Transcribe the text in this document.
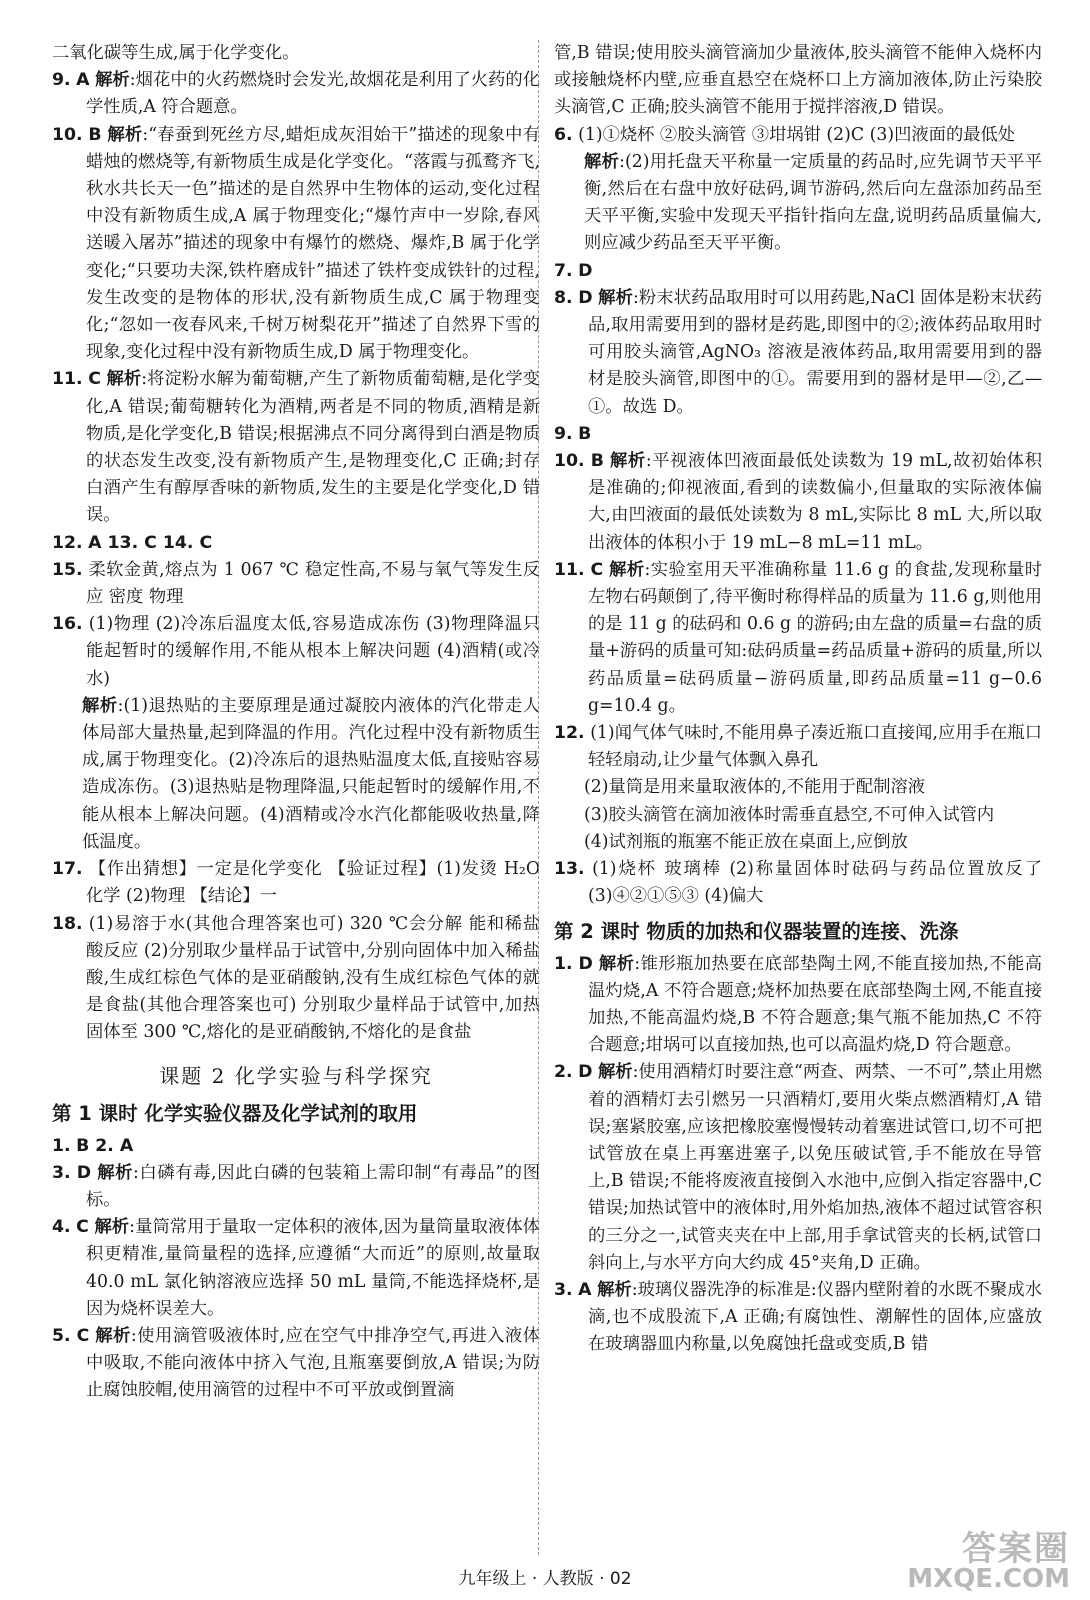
二氧化碳等生成,属于化学变化。

9. A 解析:烟花中的火药燃烧时会发光,故烟花是利用了火药的化学性质,A 符合题意。

10. B 解析:“春蚕到死丝方尽,蜡炬成灰泪始干”描述的现象中有蜡烛的燃烧等,有新物质生成是化学变化。“落霞与孤鹜齐飞,秋水共长天一色”描述的是自然界中生物体的运动,变化过程中没有新物质生成,A 属于物理变化;“爆竹声中一岁除,春风送暖入屠苏”描述的现象中有爆竹的燃烧、爆炸,B 属于化学变化;“只要功夫深,铁杵磨成针”描述了铁杵变成铁针的过程,发生改变的是物体的形状,没有新物质生成,C 属于物理变化;“忽如一夜春风来,千树万树梨花开”描述了自然界下雪的现象,变化过程中没有新物质生成,D 属于物理变化。

11. C 解析:将淀粉水解为葡萄糖,产生了新物质葡萄糖,是化学变化,A 错误;葡萄糖转化为酒精,两者是不同的物质,酒精是新物质,是化学变化,B 错误;根据沸点不同分离得到白酒是物质的状态发生改变,没有新物质产生,是物理变化,C 正确;封存白酒产生有醇厚香味的新物质,发生的主要是化学变化,D 错误。

12. A 13. C 14. C

15. 柔软金黄,熔点为 1 067 ℃ 稳定性高,不易与氧气等发生反应 密度 物理

16. (1)物理 (2)冷冻后温度太低,容易造成冻伤 (3)物理降温只能起暂时的缓解作用,不能从根本上解决问题 (4)酒精(或冷水)

解析:(1)退热贴的主要原理是通过凝胶内液体的汽化带走人体局部大量热量,起到降温的作用。汽化过程中没有新物质生成,属于物理变化。(2)冷冻后的退热贴温度太低,直接贴容易造成冻伤。(3)退热贴是物理降温,只能起暂时的缓解作用,不能从根本上解决问题。(4)酒精或冷水汽化都能吸收热量,降低温度。

17. 【作出猜想】一定是化学变化 【验证过程】(1)发烫 H₂O 化学 (2)物理 【结论】一

18. (1)易溶于水(其他合理答案也可) 320 ℃会分解 能和稀盐酸反应 (2)分别取少量样品于试管中,分别向固体中加入稀盐酸,生成红棕色气体的是亚硝酸钠,没有生成红棕色气体的就是食盐(其他合理答案也可) 分别取少量样品于试管中,加热固体至 300 ℃,熔化的是亚硝酸钠,不熔化的是食盐

课题 2 化学实验与科学探究
第 1 课时 化学实验仪器及化学试剂的取用

1. B 2. A

3. D 解析:白磷有毒,因此白磷的包装箱上需印制“有毒品”的图标。

4. C 解析:量筒常用于量取一定体积的液体,因为量筒量取液体体积更精准,量筒量程的选择,应遵循“大而近”的原则,故量取 40.0 mL 氯化钠溶液应选择 50 mL 量筒,不能选择烧杯,是因为烧杯误差大。

5. C 解析:使用滴管吸液体时,应在空气中排净空气,再进入液体中吸取,不能向液体中挤入气泡,且瓶塞要倒放,A 错误;为防止腐蚀胶帽,使用滴管的过程中不可平放或倒置滴

管,B 错误;使用胶头滴管滴加少量液体,胶头滴管不能伸入烧杯内或接触烧杯内壁,应垂直悬空在烧杯口上方滴加液体,防止污染胶头滴管,C 正确;胶头滴管不能用于搅拌溶液,D 错误。

6. (1)①烧杯 ②胶头滴管 ③坩埚钳 (2)C (3)凹液面的最低处

解析:(2)用托盘天平称量一定质量的药品时,应先调节天平平衡,然后在右盘中放好砝码,调节游码,然后向左盘添加药品至天平平衡,实验中发现天平指针指向左盘,说明药品质量偏大,则应减少药品至天平平衡。

7. D

8. D 解析:粉末状药品取用时可以用药匙,NaCl 固体是粉末状药品,取用需要用到的器材是药匙,即图中的②;液体药品取用时可用胶头滴管,AgNO₃ 溶液是液体药品,取用需要用到的器材是胶头滴管,即图中的①。需要用到的器材是甲—②,乙—①。故选 D。

9. B

10. B 解析:平视液体凹液面最低处读数为 19 mL,故初始体积是准确的;仰视液面,看到的读数偏小,但量取的实际液体偏大,由凹液面的最低处读数为 8 mL,实际比 8 mL 大,所以取出液体的体积小于 19 mL−8 mL=11 mL。

11. C 解析:实验室用天平准确称量 11.6 g 的食盐,发现称量时左物右码颠倒了,待平衡时称得样品的质量为 11.6 g,则他用的是 11 g 的砝码和 0.6 g 的游码;由左盘的质量=右盘的质量+游码的质量可知:砝码质量=药品质量+游码的质量,所以药品质量=砝码质量−游码质量,即药品质量=11 g−0.6 g=10.4 g。

12. (1)闻气体气味时,不能用鼻子凑近瓶口直接闻,应用手在瓶口轻轻扇动,让少量气体飘入鼻孔

(2)量筒是用来量取液体的,不能用于配制溶液

(3)胶头滴管在滴加液体时需垂直悬空,不可伸入试管内

(4)试剂瓶的瓶塞不能正放在桌面上,应倒放

13. (1)烧杯 玻璃棒 (2)称量固体时砝码与药品位置放反了 (3)④②①⑤③ (4)偏大

第 2 课时 物质的加热和仪器装置的连接、洗涤

1. D 解析:锥形瓶加热要在底部垫陶土网,不能直接加热,不能高温灼烧,A 不符合题意;烧杯加热要在底部垫陶土网,不能直接加热,不能高温灼烧,B 不符合题意;集气瓶不能加热,C 不符合题意;坩埚可以直接加热,也可以高温灼烧,D 符合题意。

2. D 解析:使用酒精灯时要注意“两查、两禁、一不可”,禁止用燃着的酒精灯去引燃另一只酒精灯,要用火柴点燃酒精灯,A 错误;塞紧胶塞,应该把橡胶塞慢慢转动着塞进试管口,切不可把试管放在桌上再塞进塞子,以免压破试管,手不能放在导管上,B 错误;不能将废液直接倒入水池中,应倒入指定容器中,C 错误;加热试管中的液体时,用外焰加热,液体不超过试管容积的三分之一,试管夹夹在中上部,用手拿试管夹的长柄,试管口斜向上,与水平方向大约成 45°夹角,D 正确。

3. A 解析:玻璃仪器洗净的标准是:仪器内壁附着的水既不聚成水滴,也不成股流下,A 正确;有腐蚀性、潮解性的固体,应盛放在玻璃器皿内称量,以免腐蚀托盘或变质,B 错

九年级上 · 人教版 · 02
答案圈
MXQE.COM
